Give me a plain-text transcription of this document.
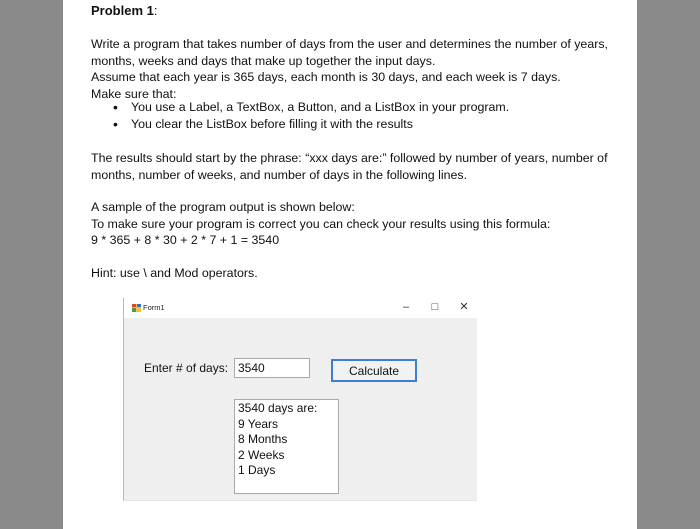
Problem 1:

Write a program that takes number of days from the user and determines the number of years,
months, weeks and days that make up together the input days.
Assume that each year is 365 days, each month is 30 days, and each week is 7 days.
Make sure that:

• You use a Label, a TextBox, a Button, and a ListBox in your program.
• You clear the ListBox before filling it with the results

The results should start by the phrase: “xxx days are:” followed by number of years, number of
months, number of weeks, and number of days in the following lines.

A sample of the program output is shown below:
To make sure your program is correct you can check your results using this formula:
9 * 365 + 8 * 30 + 2 * 7 + 1 = 3540

Hint: use \ and Mod operators.

Form1	–	□	✕
Enter # of days: 3540	Calculate
3540 days are:
9 Years
8 Months
2 Weeks
1 Days
